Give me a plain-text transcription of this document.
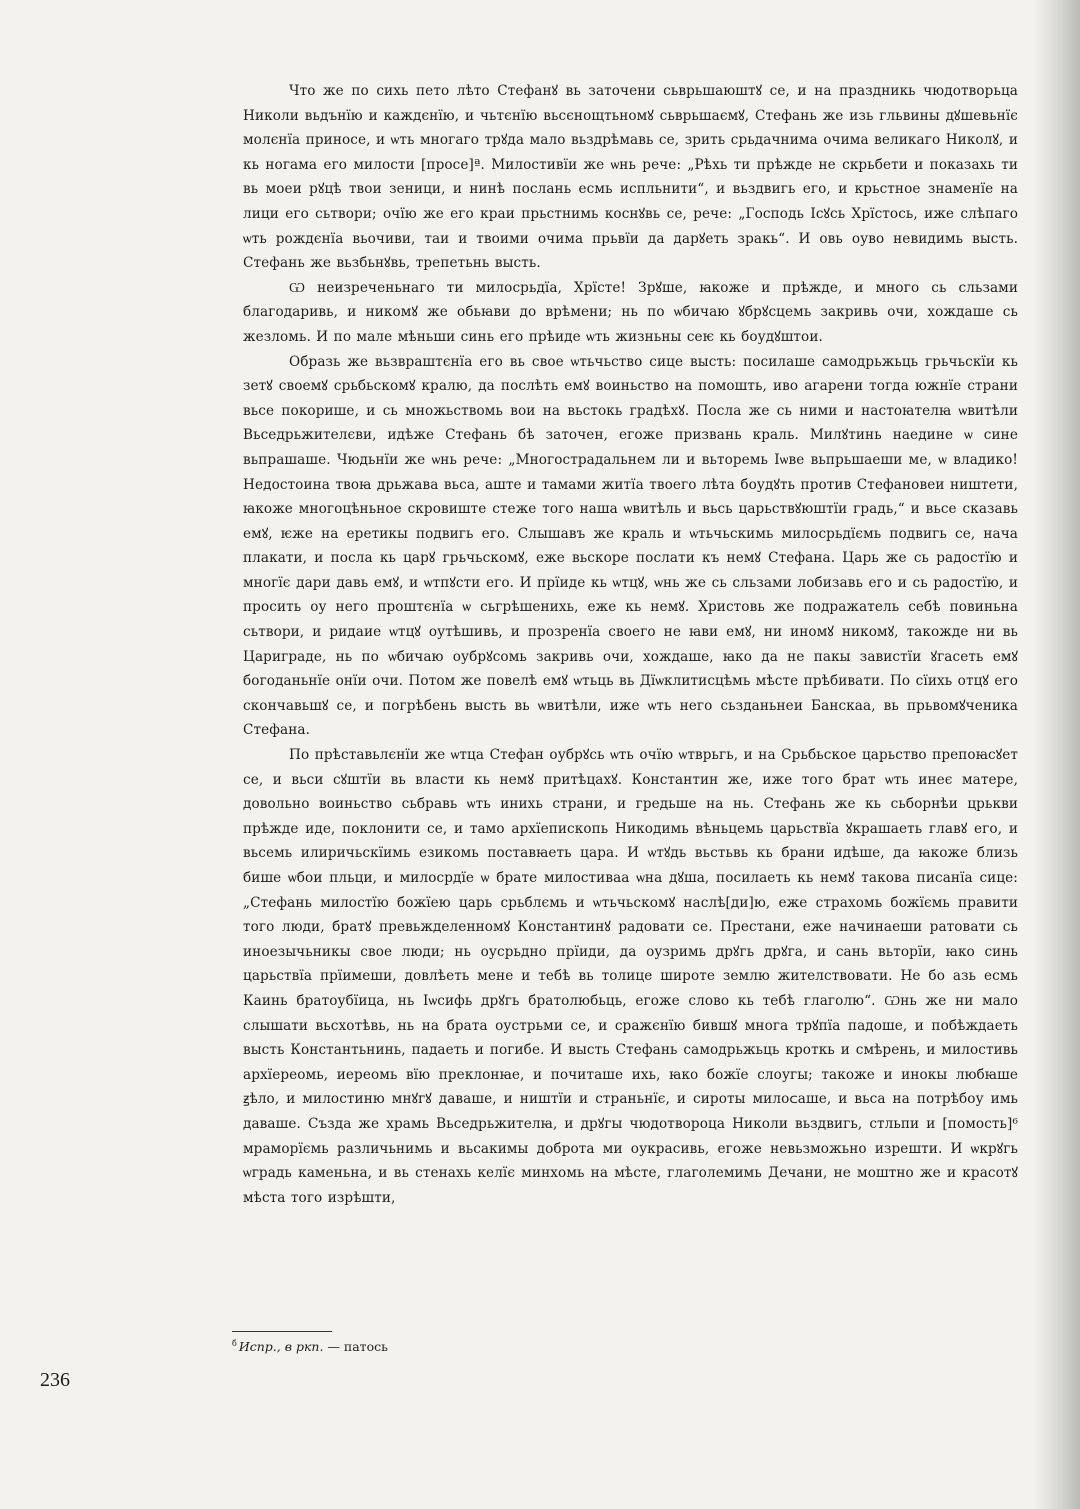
Что же по сихь пето лѣто Стефанꙋ вь заточени сьврьшаюштꙋ се, и на праздникь чюдотворьца Николи вьдънїю и каждєнїю, и чьтєнїю вьсєнощтьномꙋ сьврьшаємꙋ, Стефань же изь гльвины дꙋшевьнїє молєнїа приносе, и ѡть многаго трꙋда мало вьздрѣмавь се, зрить срьдачнима очима великаго Николꙋ, и кь ногама его милости [просе]ª. Милостивїи же ѡнь рече: „Рѣхь ти прѣжде не скрьбети и показахь ти вь моеи рꙋцѣ твои зеници, и нинѣ послань есмь испльнити“, и вьздвигь его, и крьстное знаменїе на лици его сьтвори; очїю же его краи прьстнимь коснꙋвь се, рече: „Господь Iсꙋсь Хрїстось, иже слѣпаго ѡть рождєнїа вьочиви, таи и твоими очима прьвїи да дарꙋеть зракь“. И овь оуво невидимь высть. Стефань же вьзбьнꙋвь, трепетьнь высть.

Ѡ неизреченьнаго ти милосрьдїа, Хрїсте! Зрꙋше, ꙗкоже и прѣжде, и много сь сльзами благодаривь, и никомꙋ же обьꙗви до врѣмени; нь по ѡбичаю ꙋбрꙋсцемь закривь очи, хождаше сь жезломь. И по мале мѣньши синь его прѣиде ѡть жизньны сеѥ кь боудꙋштои.

Образь же вьзвраштєнїа его вь свое ѡтьчьство сице высть: посилаше самодрьжьць грьчьскїи кь зетꙋ своемꙋ срьбьскомꙋ кралю, да послѣть емꙋ воиньство на помошть, иво агарени тогда южнїе страни вьсе покорише, и сь множьствомь вои на вьстокь градѣхꙋ. Посла же сь ними и настоꙗтелꙗ ѡвитѣли Вьседрьжителєви, идѣже Стефань бѣ заточен, егоже призвань краль. Милꙋтинь наедине ѡ сине вьпрашаше. Чюдьнїи же ѡнь рече: „Многострадальнем ли и вьторемь Iѡве вьпрьшаеши ме, ѡ владико! Недостоина твоꙗ дрьжава вьса, аште и тамами житїа твоего лѣта боудꙋть против Стефановеи ништети, ꙗкоже многоцѣньное скровиште стеже того наша ѡвитѣль и вьсь царьствꙋюштїи градь,“ и вьсе сказавь емꙋ, ѥже на еретикы подвигь его. Слышавъ же краль и ѡтьчьскимь милосрьдїємь подвигь се, нача плакати, и посла кь царꙋ грьчьскомꙋ, еже вьскоре послати къ немꙋ Стефана. Царь же сь радостїю и многїє дари давь емꙋ, и ѡтпꙋсти его. И прїиде кь ѡтцꙋ, ѡнь же сь сльзами лобизавь его и сь радостїю, и просить оу него проштєнїа ѡ сьгрѣшенихь, еже кь немꙋ. Христовь же подражатель себѣ повиньна сьтвори, и ридаие ѡтцꙋ оутѣшивь, и прозренїа своего не ꙗви емꙋ, ни иномꙋ никомꙋ, такожде ни вь Цариграде, нь по ѡбичаю оубрꙋсомь закривь очи, хождаше, ꙗко да не пакы завистїи ꙋгасеть емꙋ богоданьнїе онїи очи. Потом же повелѣ емꙋ ѡтьць вь Дїѡклитисцѣмь мѣсте прѣбивати. По сїихь отцꙋ его скончавьшꙋ се, и погрѣбень высть вь ѡвитѣли, иже ѡть него сьзданьнеи Банскаа, вь прьвомꙋченика Стефана.

По прѣставьлєнїи же ѡтца Стефан оубрꙋсь ѡть очїю ѡтврьгь, и на Срьбьское царьство препоꙗсꙋет се, и вьси сꙋштїи вь власти кь немꙋ притѣцахꙋ. Константин же, иже того брат ѡть инеє матере, довольно воиньство сьбравь ѡть инихь страни, и гредьше на нь. Стефань же кь сьборнѣи црькви прѣжде иде, поклонити се, и тамо архїепископь Никодимь вѣньцемь царьствїа ꙋкрашаеть главꙋ его, и вьсемь илиричьскїимь езикомь поставꙗеть цара. И ѡтꙋдь вьстьвь кь брани идѣше, да ꙗкоже близь бише ѡбои пльци, и милосрдїе ѡ брате милостиваа ѡна дꙋша, посилаеть кь немꙋ такова писанїа сице: „Стефань милостїю божїею царь срьблємь и ѡтьчьскомꙋ наслѣ[ди]ю, еже страхомь божїємь правити того люди, братꙋ превьжделенномꙋ Константинꙋ радовати се. Престани, еже начинаеши ратовати сь иноезычьникы свое люди; нь оусрьдно прїиди, да оузримь дрꙋгь дрꙋга, и сань вьторїи, ꙗко синь царьствїа прїимеши, довлѣеть мене и тебѣ вь толице широте землю жителствовати. Не бо азь есмь Каинь братоубїица, нь Iѡсифь дрꙋгь братолюбьць, егоже слово кь тебѣ глаголю“. Ѡнь же ни мало слышати вьсхотѣвь, нь на брата оустрьми се, и сражєнїю бившꙋ многа трꙋпїа падоше, и побѣждаеть высть Константьнинь, падаеть и погибе. И высть Стефань самодрьжьць кроткь и смѣрень, и милостивь архїереомь, иереомь вїю преклонꙗе, и почиташе ихь, ꙗко божїе слоугы; такоже и инокы любꙗше ꙃѣло, и милостиню мнꙋгꙋ даваше, и ништїи и страньнїє, и сироты милоᲃаше, и вьса на потрѣбоу имь даваше. Създа же храмь Вьседрьжителꙗ, и дрꙋгы чюдотвороца Николи вьздвигь, стльпи и [помость]⁶ мраморїємь различьнимь и вьсакимы доброта ми оукрасивь, егоже невьзможьно изрешти. И ѡкрꙋгь ѡградь каменьна, и вь стенахь келїє минхомь на мѣсте, глаголемимь Дечани, не моштно же и красотꙋ мѣста того изрѣшти,

$^б$ Испр., в ркп. — патось
236
